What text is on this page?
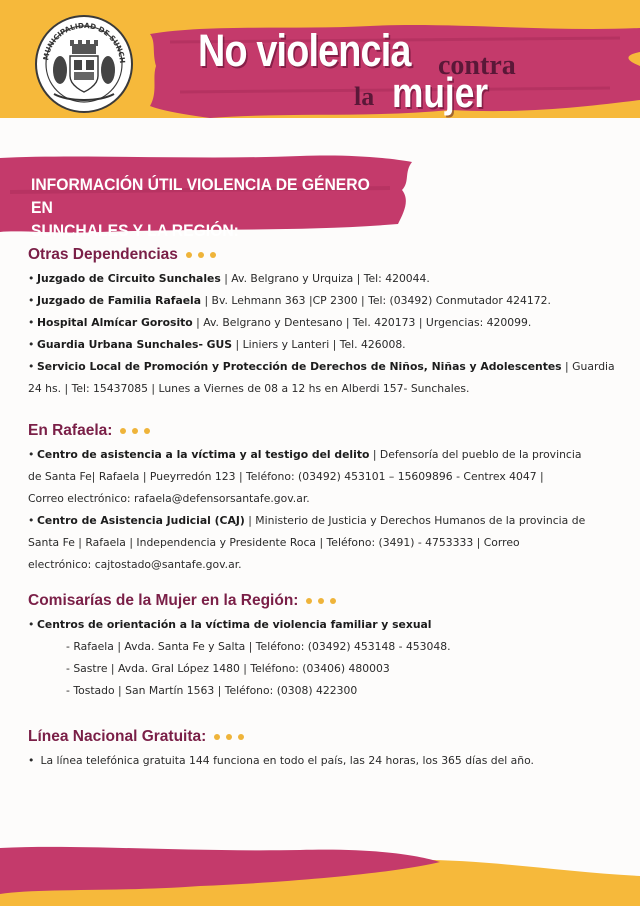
MUNICIPALIDAD DE SUNCH No violencia contra
la mujer
INFORMACIÓN ÚTIL VIOLENCIA DE GÉNERO EN
SUNCHALES Y LA REGIÓN:
Otras Dependencias
• Juzgado de Circuito Sunchales | Av. Belgrano y Urquiza | Tel: 420044.
• Juzgado de Familia Rafaela | Bv. Lehmann 363 |CP 2300 | Tel: (03492) Conmutador 424172.
• Hospital Almícar Gorosito | Av. Belgrano y Dentesano | Tel. 420173 | Urgencias: 420099.
• Guardia Urbana Sunchales- GUS | Liniers y Lanteri | Tel. 426008.
• Servicio Local de Promoción y Protección de Derechos de Niños, Niñas y Adolescentes | Guardia
24 hs. | Tel: 15437085 | Lunes a Viernes de 08 a 12 hs en Alberdi 157- Sunchales.
En Rafaela:
• Centro de asistencia a la víctima y al testigo del delito | Defensoría del pueblo de la provincia
de Santa Fe| Rafaela | Pueyrredón 123 | Teléfono: (03492) 453101 – 15609896 - Centrex 4047 |
Correo electrónico: rafaela@defensorsantafe.gov.ar.
• Centro de Asistencia Judicial (CAJ) | Ministerio de Justicia y Derechos Humanos de la provincia de
Santa Fe | Rafaela | Independencia y Presidente Roca | Teléfono: (3491) - 4753333 | Correo
electrónico: cajtostado@santafe.gov.ar.
Comisarías de la Mujer en la Región:
• Centros de orientación a la víctima de violencia familiar y sexual
- Rafaela | Avda. Santa Fe y Salta | Teléfono: (03492) 453148 - 453048.
- Sastre | Avda. Gral López 1480 | Teléfono: (03406) 480003
- Tostado | San Martín 1563 | Teléfono: (0308) 422300
Línea Nacional Gratuita:
• La línea telefónica gratuita 144 funciona en todo el país, las 24 horas, los 365 días del año.
